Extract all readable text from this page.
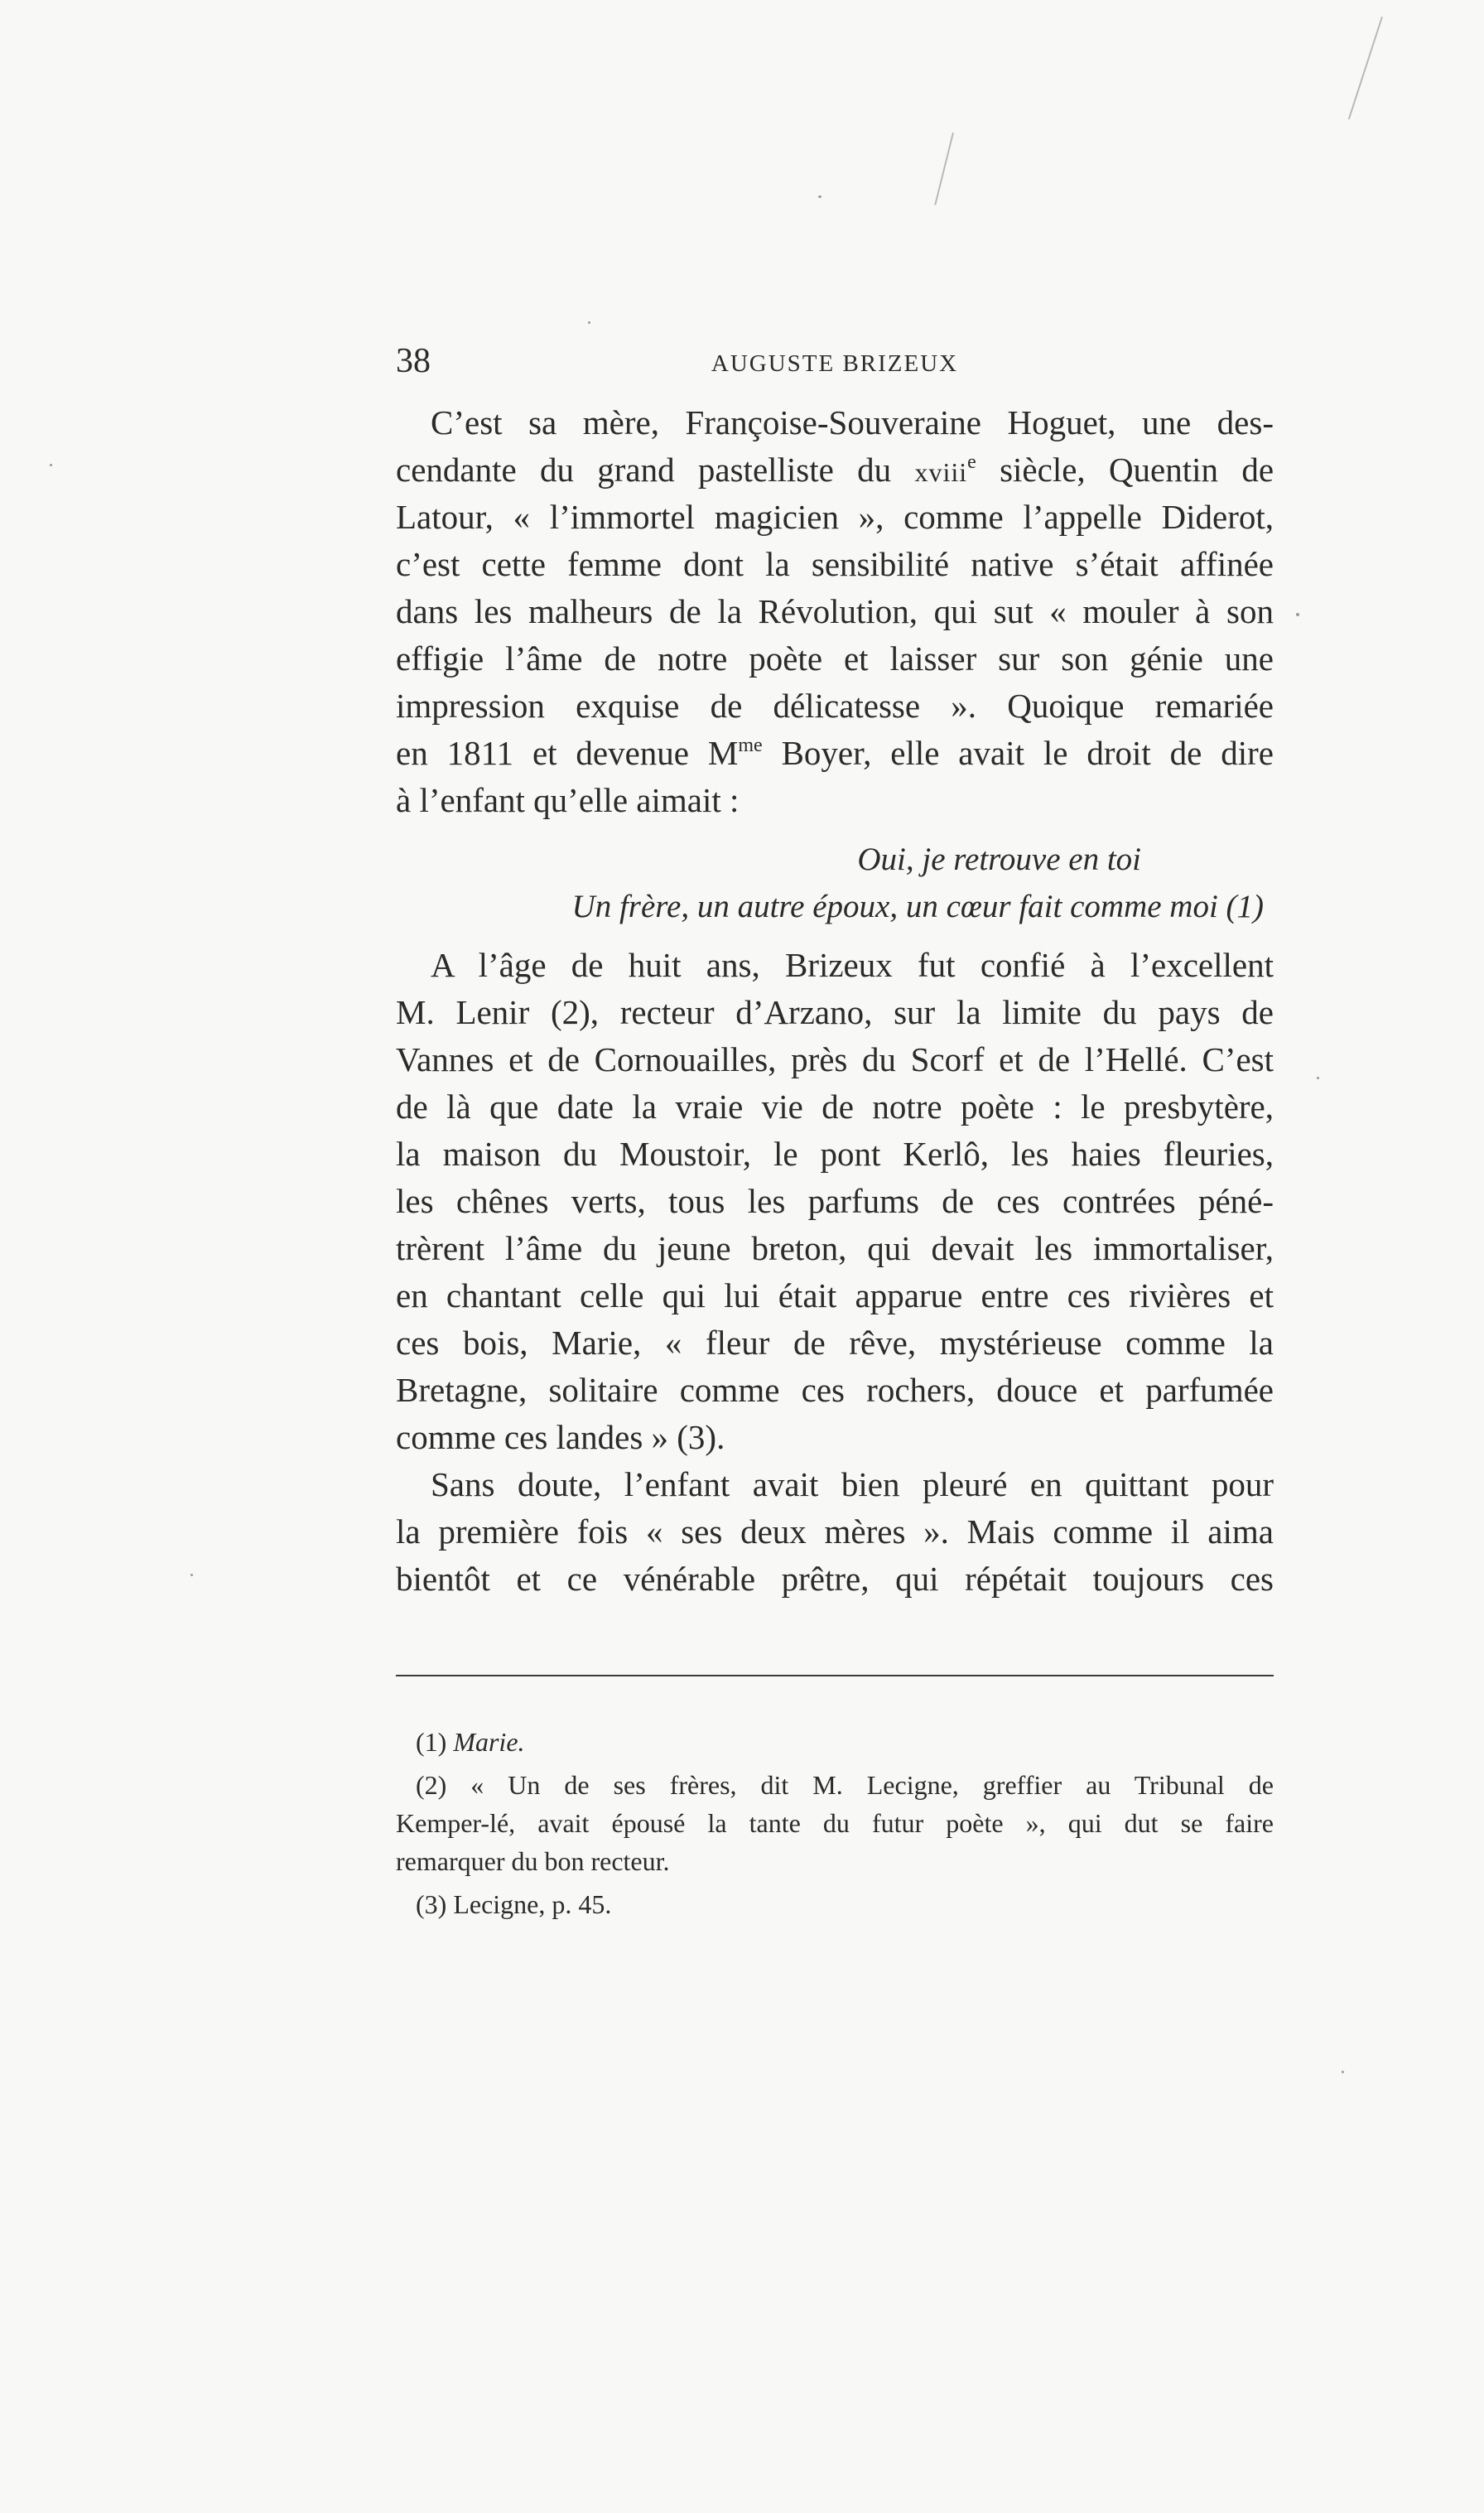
38	AUGUSTE BRIZEUX
C’est sa mère, Françoise-Souveraine Hoguet, une des-
cendante du grand pastelliste du xviii$^e$ siècle, Quentin de
Latour, « l’immortel magicien », comme l’appelle Diderot,
c’est cette femme dont la sensibilité native s’était affinée
dans les malheurs de la Révolution, qui sut « mouler à son
effigie l’âme de notre poète et laisser sur son génie une
impression exquise de délicatesse ». Quoique remariée
en 1811 et devenue $M^{me}$ Boyer, elle avait le droit de dire
à l’enfant qu’elle aimait :
Oui, je retrouve en toi
Un frère, un autre époux, un cœur fait comme moi (1)
A l’âge de huit ans, Brizeux fut confié à l’excellent
M. Lenir (2), recteur d’Arzano, sur la limite du pays de
Vannes et de Cornouailles, près du Scorf et de l’Hellé. C’est
de là que date la vraie vie de notre poète : le presbytère,
la maison du Moustoir, le pont Kerlô, les haies fleuries,
les chênes verts, tous les parfums de ces contrées péné-
trèrent l’âme du jeune breton, qui devait les immortaliser,
en chantant celle qui lui était apparue entre ces rivières et
ces bois, Marie, « fleur de rêve, mystérieuse comme la
Bretagne, solitaire comme ces rochers, douce et parfumée
comme ces landes » (3).
Sans doute, l’enfant avait bien pleuré en quittant pour
la première fois « ses deux mères ». Mais comme il aima
bientôt et ce vénérable prêtre, qui répétait toujours ces
(1) Marie.
(2) « Un de ses frères, dit M. Lecigne, greffier au Tribunal de
Kemper-lé, avait épousé la tante du futur poète », qui dut se faire
remarquer du bon recteur.
(3) Lecigne, p. 45.
